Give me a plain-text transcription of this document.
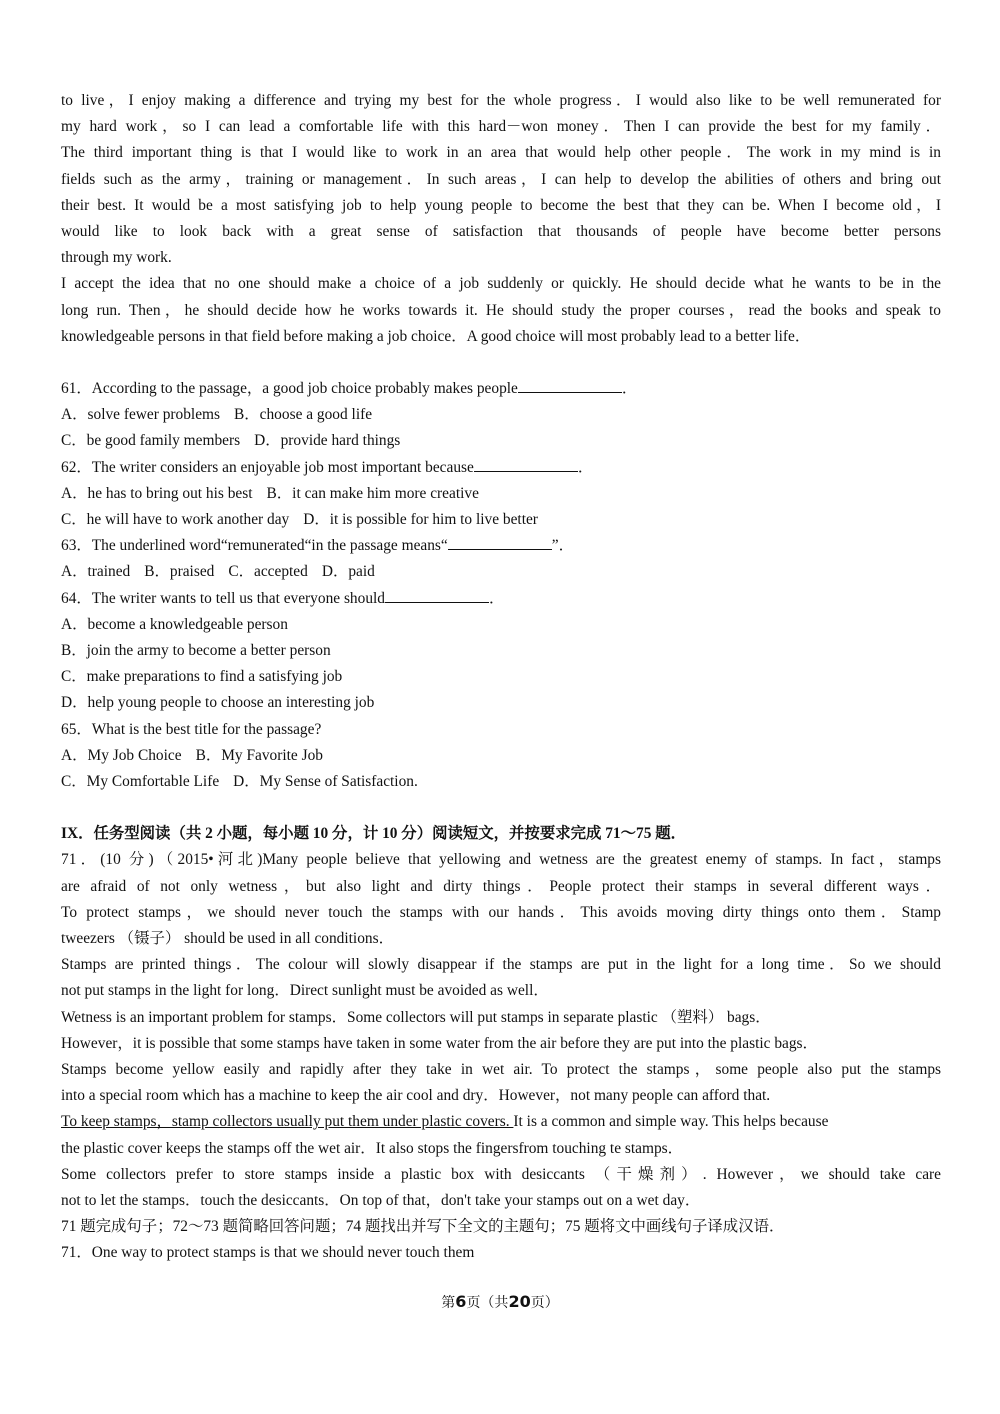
to live，I enjoy making a difference and trying my best for the whole progress．I would also like to be well remunerated for
my hard work，so I can lead a comfortable life with this hard－won money．Then I can provide the best for my family．
The third important thing is that I would like to work in an area that would help other people．The work in my mind is in
fields such as the army，training or management．In such areas，I can help to develop the abilities of others and bring out
their best. It would be a most satisfying job to help young people to become the best that they can be. When I become old，I
would like to look back with a great sense of satisfaction that thousands of people have become better persons
through my work.
I accept the idea that no one should make a choice of a job suddenly or quickly. He should decide what he wants to be in the
long run. Then，he should decide how he works towards it. He should study the proper courses，read the books and speak to
knowledgeable persons in that field before making a job choice．A good choice will most probably lead to a better life．
61．According to the passage，a good job choice probably makes people	．
A．solve fewer problems B．choose a good life
C．be good family members D．provide hard things
62．The writer considers an enjoyable job most important because	．
A．he has to bring out his best B．it can make him more creative
C．he will have to work another day D．it is possible for him to live better
63．The underlined word“remunerated“in the passage means“	”．
A．trained B．praised C．accepted D．paid
64．The writer wants to tell us that everyone should	．
A．become a knowledgeable person
B．join the army to become a better person
C．make preparations to find a satisfying job
D．help young people to choose an interesting job
65．What is the best title for the passage?
A．My Job Choice B．My Favorite Job
C．My Comfortable Life D．My Sense of Satisfaction.
IX．任务型阅读（共 2 小题，每小题 10 分，计 10 分）阅读短文，并按要求完成 71～75 题．
71．(10 分)（2015•河北)Many people believe that yellowing and wetness are the greatest enemy of stamps. In fact，stamps
are afraid of not only wetness，but also light and dirty things．People protect their stamps in several different ways．
To protect stamps，we should never touch the stamps with our hands．This avoids moving dirty things onto them．Stamp
tweezers （镊子） should be used in all conditions．
Stamps are printed things．The colour will slowly disappear if the stamps are put in the light for a long time．So we should
not put stamps in the light for long．Direct sunlight must be avoided as well．
Wetness is an important problem for stamps．Some collectors will put stamps in separate plastic （塑料） bags．
However，it is possible that some stamps have taken in some water from the air before they are put into the plastic bags．
Stamps become yellow easily and rapidly after they take in wet air. To protect the stamps，some people also put the stamps
into a special room which has a machine to keep the air cool and dry．However，not many people can afford that.
To keep stamps，stamp collectors usually put them under plastic covers. It is a common and simple way. This helps because
the plastic cover keeps the stamps off the wet air．It also stops the fingersfrom touching te stamps．
Some collectors prefer to store stamps inside a plastic box with desiccants （干燥剂）. However，we should take care
not to let the stamps．touch the desiccants．On top of that，don't take your stamps out on a wet day．
71 题完成句子；72～73 题简略回答问题；74 题找出并写下全文的主题句；75 题将文中画线句子译成汉语．
71．One way to protect stamps is that we should never touch them
第6页（共20页）
